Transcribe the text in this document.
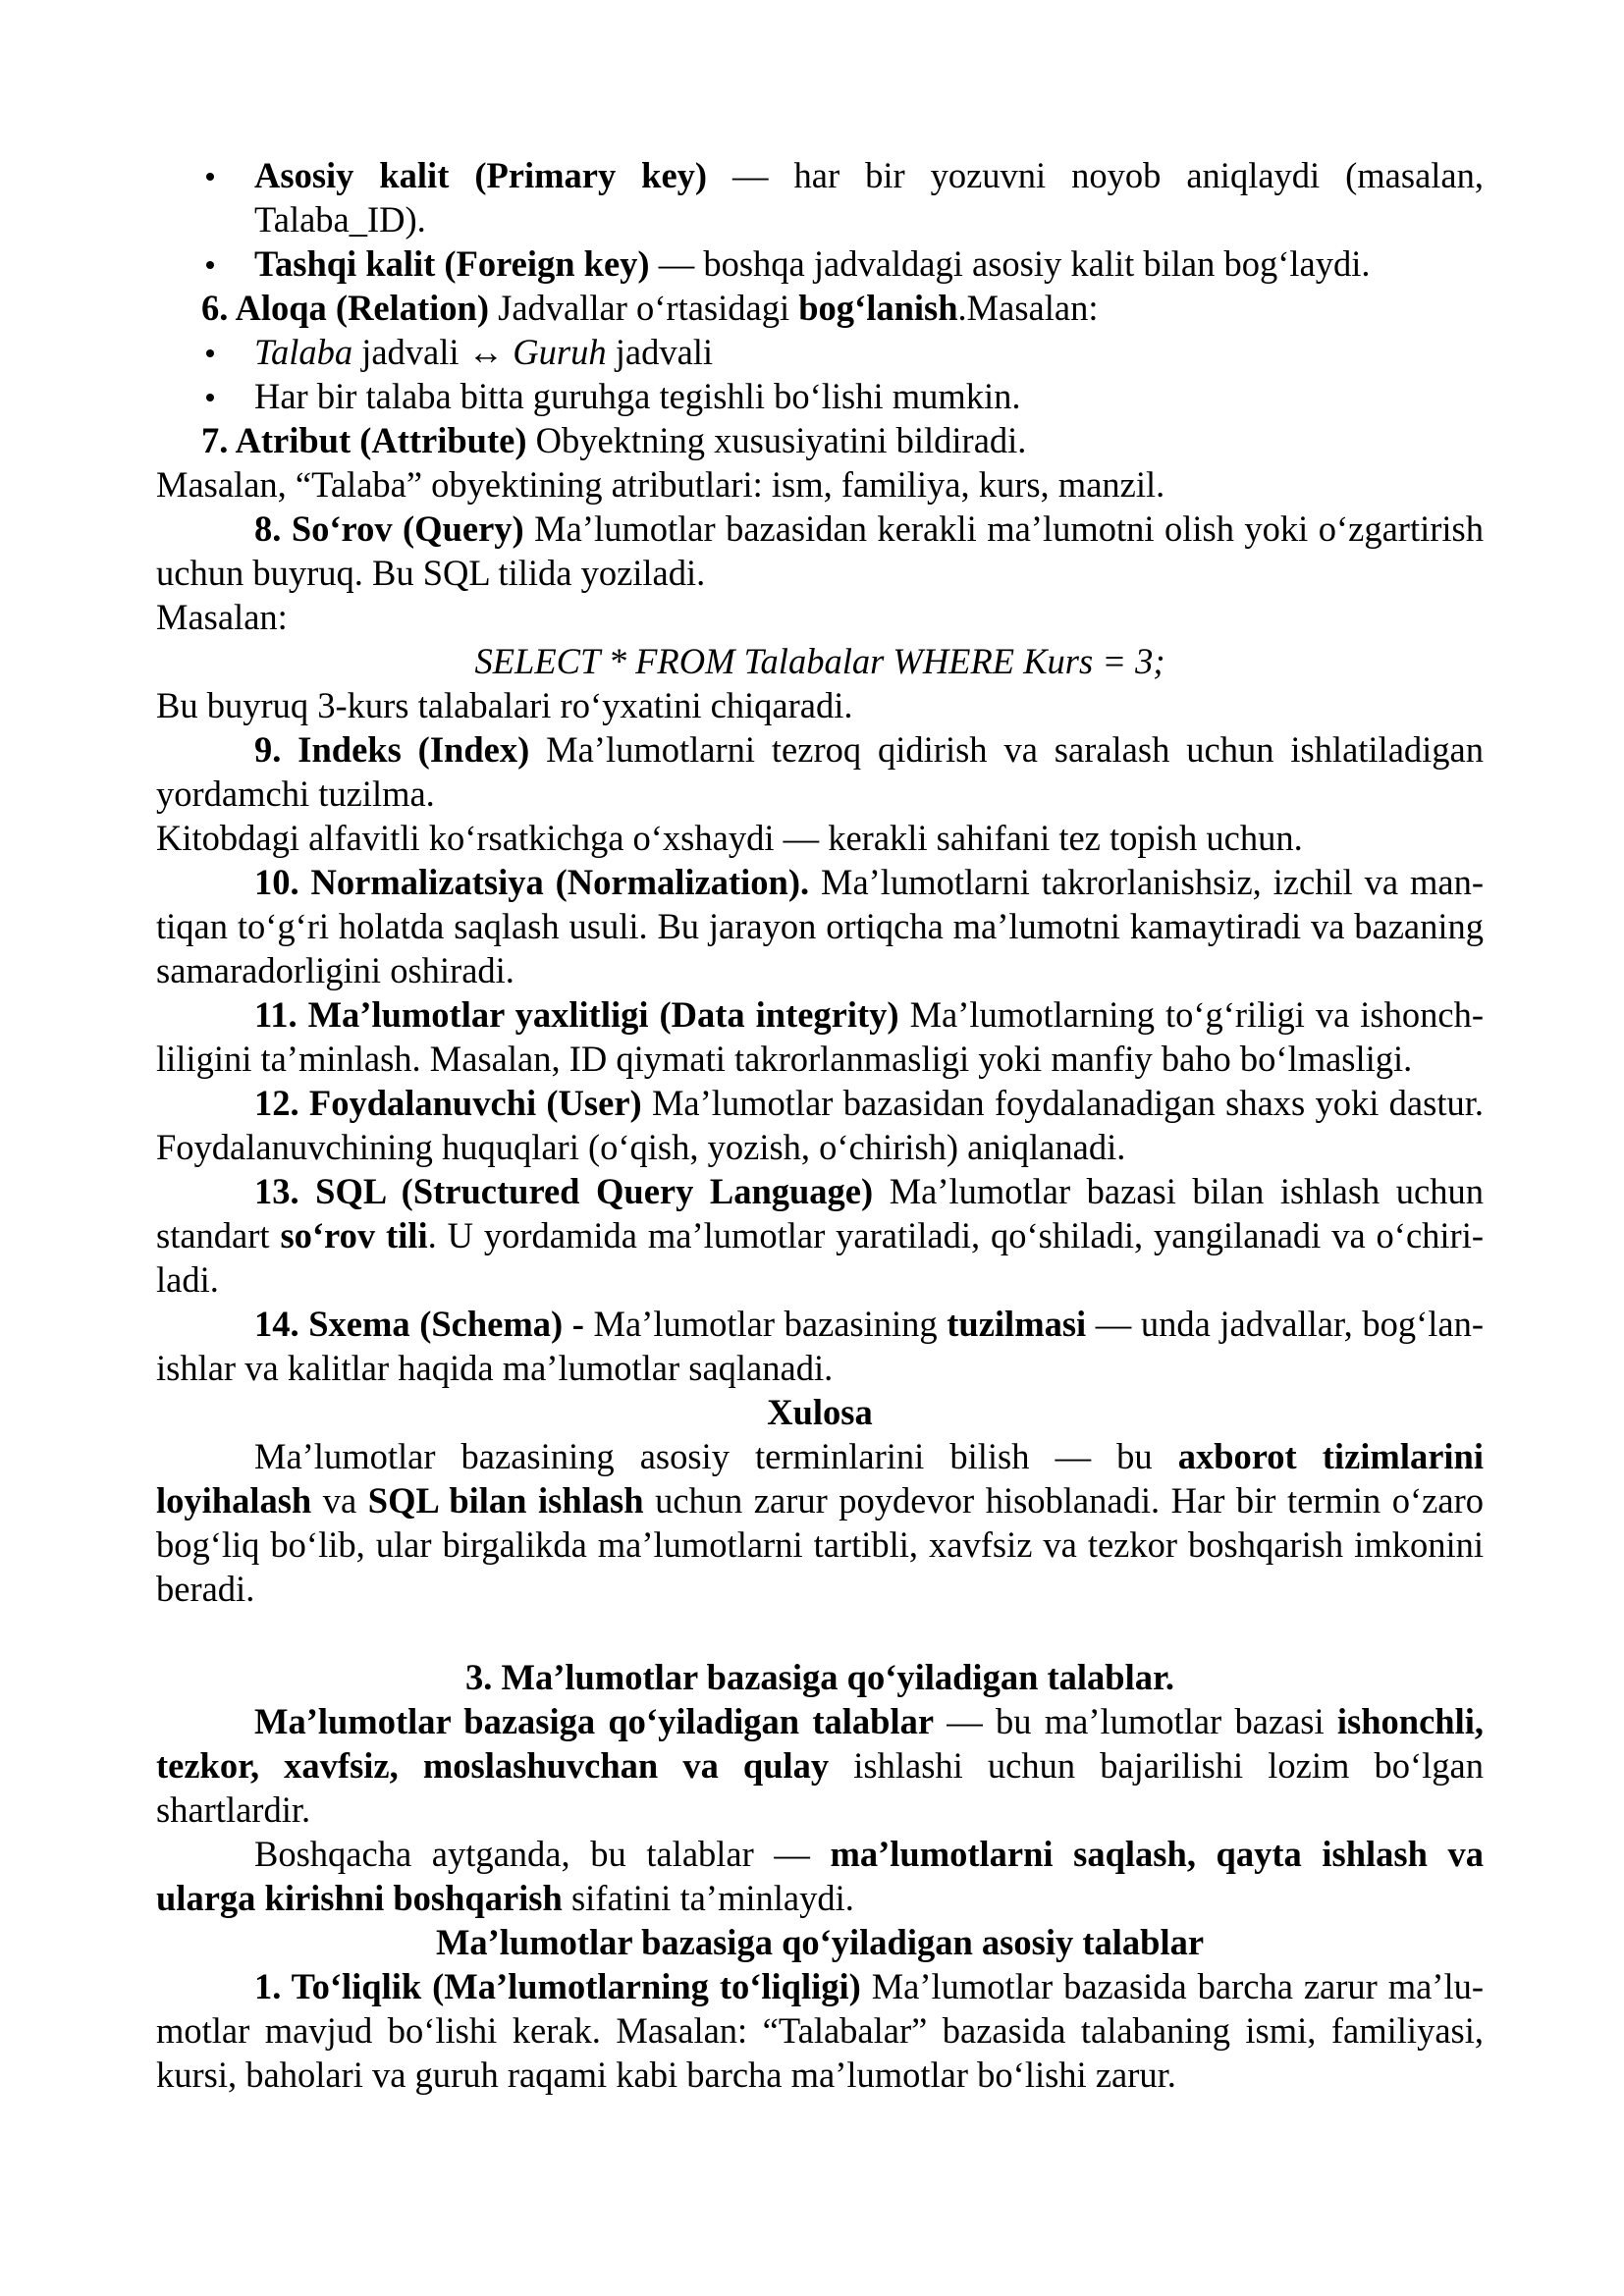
Asosiy kalit (Primary key) — har bir yozuvni noyob aniqlaydi (masalan, Talaba_ID).

Tashqi kalit (Foreign key) — boshqa jadvaldagi asosiy kalit bilan bog‘laydi.

6. Aloqa (Relation) Jadvallar o‘rtasidagi bog‘lanish.Masalan:

Talaba jadvali ↔ Guruh jadvali

Har bir talaba bitta guruhga tegishli bo‘lishi mumkin.

7. Atribut (Attribute) Obyektning xususiyatini bildiradi.

Masalan, “Talaba” obyektining atributlari: ism, familiya, kurs, manzil.

8. So‘rov (Query) Ma’lumotlar bazasidan kerakli ma’lumotni olish yoki o‘zgartirish uchun buyruq. Bu SQL tilida yoziladi.

Masalan:

SELECT * FROM Talabalar WHERE Kurs = 3;

Bu buyruq 3-kurs talabalari ro‘yxatini chiqaradi.

9. Indeks (Index) Ma’lumotlarni tezroq qidirish va saralash uchun ishlatiladigan yordamchi tuzilma.

Kitobdagi alfavitli ko‘rsatkichga o‘xshaydi — kerakli sahifani tez topish uchun.

10. Normalizatsiya (Normalization). Ma’lumotlarni takrorlanishsiz, izchil va mantiqan to‘g‘ri holatda saqlash usuli. Bu jarayon ortiqcha ma’lumotni kamaytiradi va bazaning samaradorligini oshiradi.

11. Ma’lumotlar yaxlitligi (Data integrity) Ma’lumotlarning to‘g‘riligi va ishonchliligini ta’minlash. Masalan, ID qiymati takrorlanmasligi yoki manfiy baho bo‘lmasligi.

12. Foydalanuvchi (User) Ma’lumotlar bazasidan foydalanadigan shaxs yoki dastur. Foydalanuvchining huquqlari (o‘qish, yozish, o‘chirish) aniqlanadi.

13. SQL (Structured Query Language) Ma’lumotlar bazasi bilan ishlash uchun standart so‘rov tili. U yordamida ma’lumotlar yaratiladi, qo‘shiladi, yangilanadi va o‘chiriladi.

14. Sxema (Schema) - Ma’lumotlar bazasining tuzilmasi — unda jadvallar, bog‘lanishlar va kalitlar haqida ma’lumotlar saqlanadi.

Xulosa

Ma’lumotlar bazasining asosiy terminlarini bilish — bu axborot tizimlarini loyihalash va SQL bilan ishlash uchun zarur poydevor hisoblanadi. Har bir termin o‘zaro bog‘liq bo‘lib, ular birgalikda ma’lumotlarni tartibli, xavfsiz va tezkor boshqarish imkonini beradi.

3. Ma’lumotlar bazasiga qo‘yiladigan talablar.

Ma’lumotlar bazasiga qo‘yiladigan talablar — bu ma’lumotlar bazasi ishonchli, tezkor, xavfsiz, moslashuvchan va qulay ishlashi uchun bajarilishi lozim bo‘lgan shartlardir.

Boshqacha aytganda, bu talablar — ma’lumotlarni saqlash, qayta ishlash va ularga kirishni boshqarish sifatini ta’minlaydi.

Ma’lumotlar bazasiga qo‘yiladigan asosiy talablar

1. To‘liqlik (Ma’lumotlarning to‘liqligi) Ma’lumotlar bazasida barcha zarur ma’lumotlar mavjud bo‘lishi kerak. Masalan: “Talabalar” bazasida talabaning ismi, familiyasi, kursi, baholari va guruh raqami kabi barcha ma’lumotlar bo‘lishi zarur.
